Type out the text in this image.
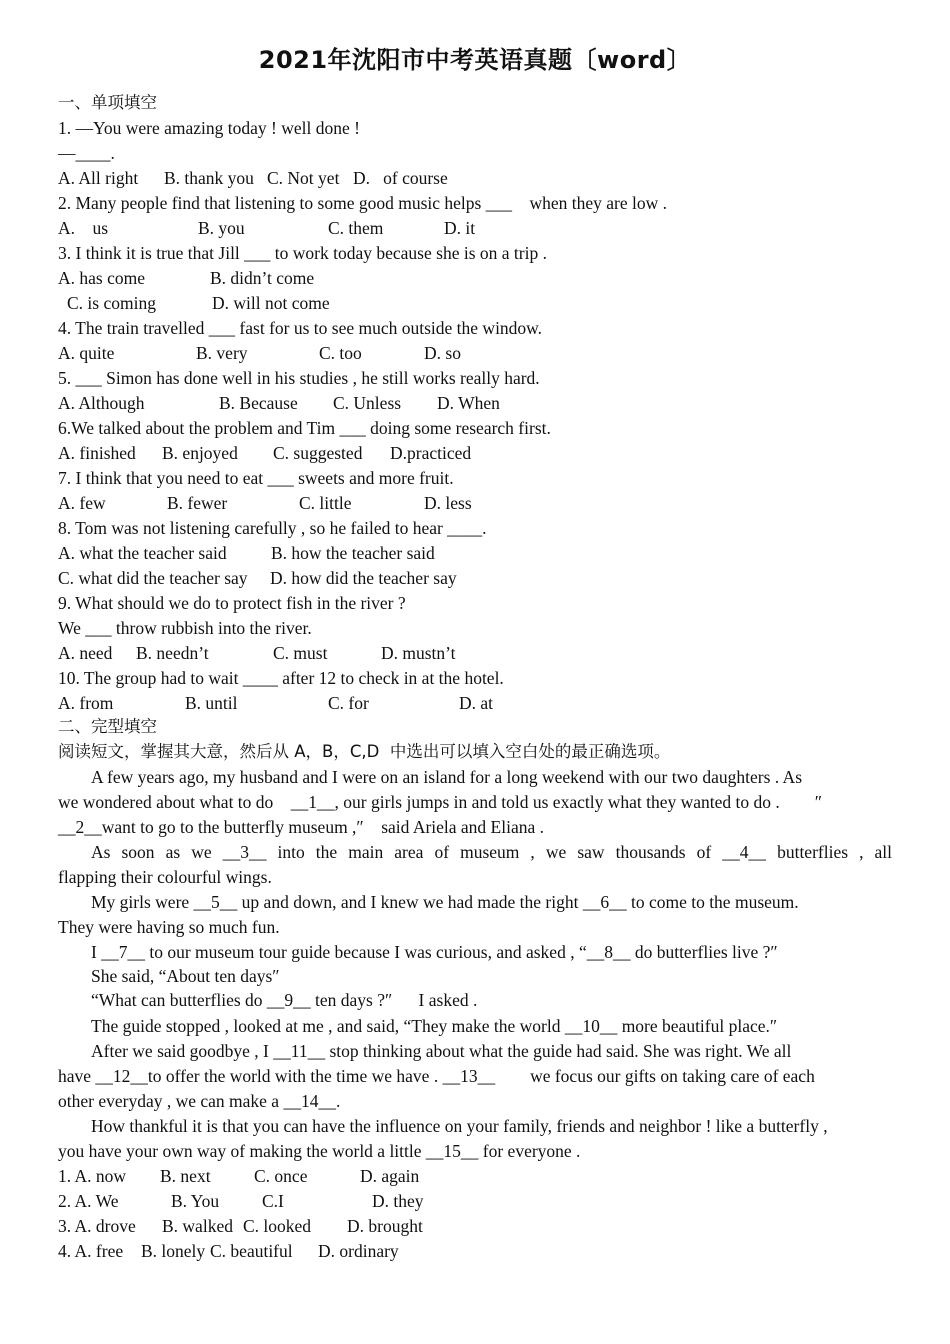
2021年沈阳市中考英语真题〔word〕
一、单项填空
1. —You were amazing today ! well done !
—____.
A. All right B. thank you C. Not yet D.   of course
2. Many people find that listening to some good music helps ___    when they are low .
A.    us	B. you	C. them	D. it
3. I think it is true that Jill ___ to work today because she is on a trip .
A. has come	B. didn’t come
C. is coming	D. will not come
4. The train travelled ___ fast for us to see much outside the window.
A. quite	B. very	C. too	D. so
5. ___ Simon has done well in his studies , he still works really hard.
A. Although	B. Because C. Unless D. When
6.We talked about the problem and Tim ___ doing some research first.
A. finished B. enjoyed C. suggested D.practiced
7. I think that you need to eat ___ sweets and more fruit.
A. few	B. fewer	C. little	D. less
8. Tom was not listening carefully , so he failed to hear ____.
A. what the teacher said	B. how the teacher said
C. what did the teacher say D. how did the teacher say
9. What should we do to protect fish in the river ?
We ___ throw rubbish into the river.
A. need B. needn’t	C. must	D. mustn’t
10. The group had to wait ____ after 12 to check in at the hotel.
A. from	B. until	C. for	D. at
二、完型填空
阅读短文，掌握其大意，然后从 A，B，C,D  中选出可以填入空白处的最正确选项。
A few years ago, my husband and I were on an island for a long weekend with our two daughters . As
we wondered about what to do    __1__, our girls jumps in and told us exactly what they wanted to do .        ″
__2__want to go to the butterfly museum ,″    said Ariela and Eliana .
As soon as we __3__ into the main area of museum , we saw thousands of __4__ butterflies , all
flapping their colourful wings.
My girls were __5__ up and down, and I knew we had made the right __6__ to come to the museum.
They were having so much fun.
I __7__ to our museum tour guide because I was curious, and asked , “__8__ do butterflies live ?″
She said, “About ten days″
“What can butterflies do __9__ ten days ?″      I asked .
The guide stopped , looked at me , and said, “They make the world __10__ more beautiful place.″
After we said goodbye , I __11__ stop thinking about what the guide had said. She was right. We all
have __12__to offer the world with the time we have . __13__        we focus our gifts on taking care of each
other everyday , we can make a __14__.
How thankful it is that you can have the influence on your family, friends and neighbor ! like a butterfly ,
you have your own way of making the world a little __15__ for everyone .
1. A. now B. next C. once	D. again
2. A. We	B. You C.I	D. they
3. A. drove B. walked C. looked D. brought
4. A. free B. lonely C. beautiful D. ordinary
